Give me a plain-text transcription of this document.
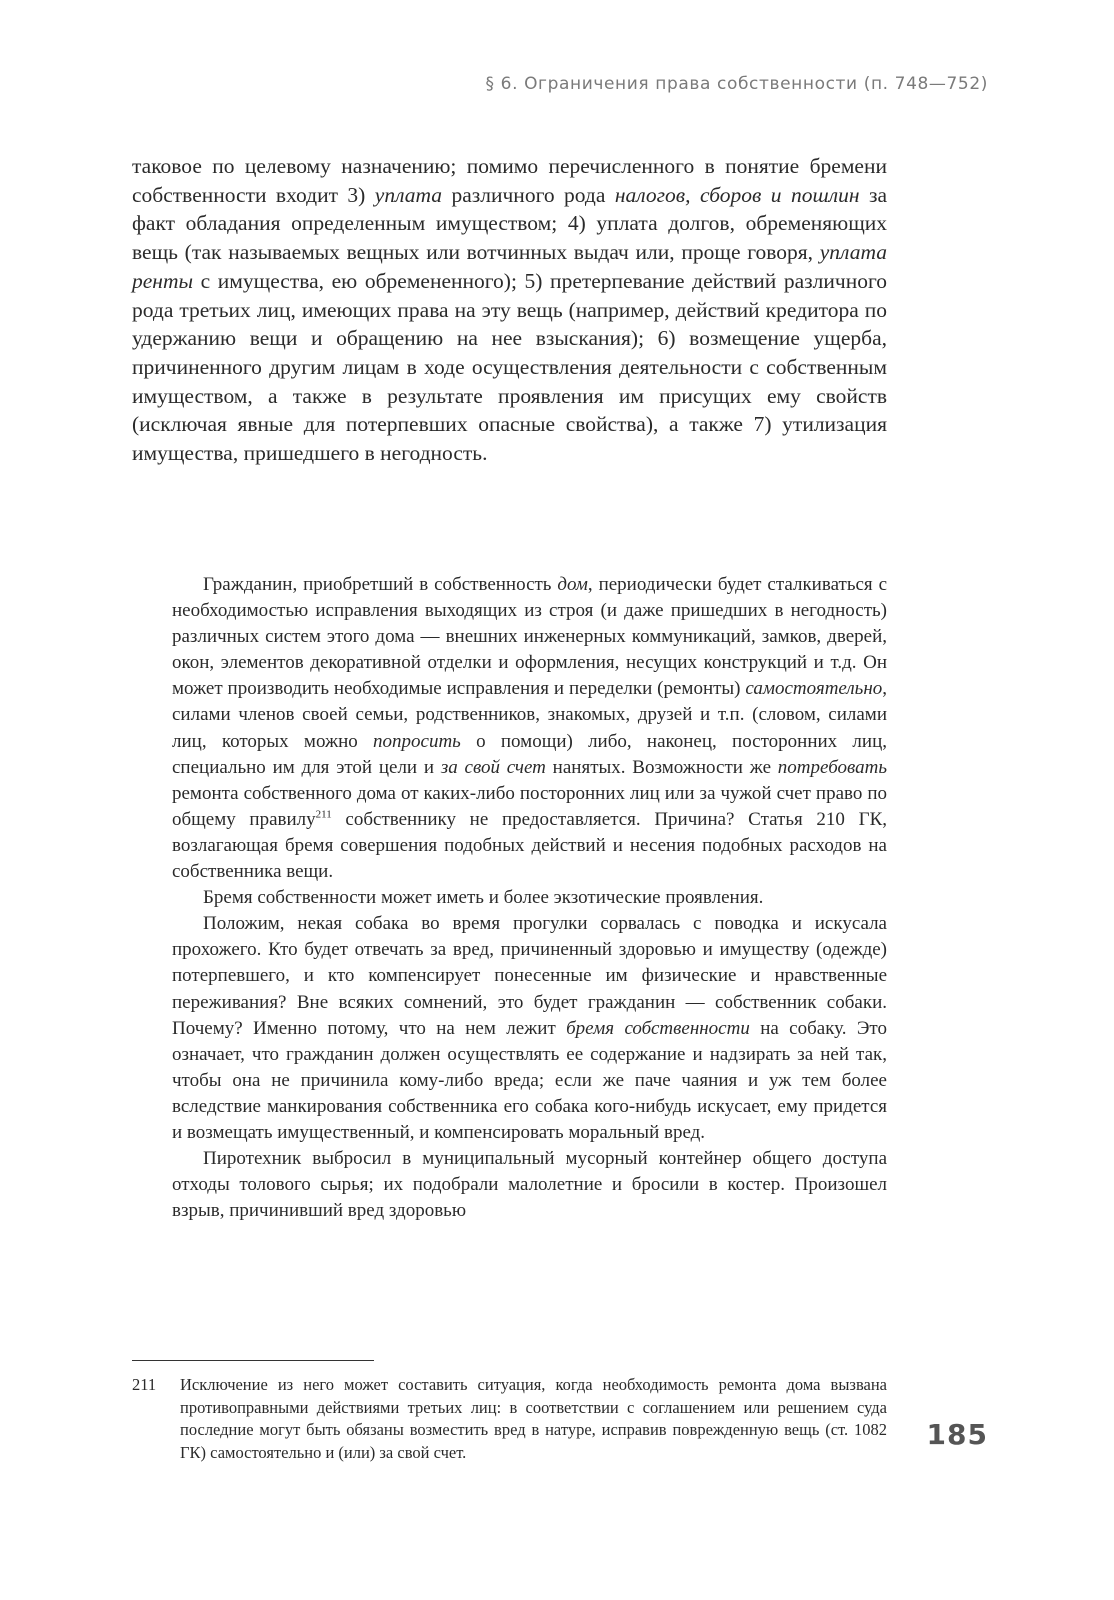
§ 6. Ограничения права собственности (п. 748—752)

таковое по целевому назначению; помимо перечисленного в понятие бремени собственности входит 3) уплата различного рода налогов, сборов и пошлин за факт обладания определенным имуществом; 4) уплата долгов, обременяющих вещь (так называемых вещных или вотчинных выдач или, проще говоря, уплата ренты с имущества, ею обремененного); 5) претерпевание действий различного рода третьих лиц, имеющих права на эту вещь (например, действий кредитора по удержанию вещи и обращению на нее взыскания); 6) возмещение ущерба, причиненного другим лицам в ходе осуществления деятельности с собственным имуществом, а также в результате проявления им присущих ему свойств (исключая явные для потерпевших опасные свойства), а также 7) утилизация имущества, пришедшего в негодность.

Гражданин, приобретший в собственность дом, периодически будет сталкиваться с необходимостью исправления выходящих из строя (и даже пришедших в негодность) различных систем этого дома — внешних инженерных коммуникаций, замков, дверей, окон, элементов декоративной отделки и оформления, несущих конструкций и т.д. Он может производить необходимые исправления и переделки (ремонты) самостоятельно, силами членов своей семьи, родственников, знакомых, друзей и т.п. (словом, силами лиц, которых можно попросить о помощи) либо, наконец, посторонних лиц, специально им для этой цели и за свой счет нанятых. Возможности же потребовать ремонта собственного дома от каких-либо посторонних лиц или за чужой счет право по общему правилу$^{211}$ собственнику не предоставляется. Причина? Статья 210 ГК, возлагающая бремя совершения подобных действий и несения подобных расходов на собственника вещи.

Бремя собственности может иметь и более экзотические проявления.

Положим, некая собака во время прогулки сорвалась с поводка и искусала прохожего. Кто будет отвечать за вред, причиненный здоровью и имуществу (одежде) потерпевшего, и кто компенсирует понесенные им физические и нравственные переживания? Вне всяких сомнений, это будет гражданин — собственник собаки. Почему? Именно потому, что на нем лежит бремя собственности на собаку. Это означает, что гражданин должен осуществлять ее содержание и надзирать за ней так, чтобы она не причинила кому-либо вреда; если же паче чаяния и уж тем более вследствие манкирования собственника его собака кого-нибудь искусает, ему придется и возмещать имущественный, и компенсировать моральный вред.

Пиротехник выбросил в муниципальный мусорный контейнер общего доступа отходы толового сырья; их подобрали малолетние и бросили в костер. Произошел взрыв, причинивший вред здоровью

211 Исключение из него может составить ситуация, когда необходимость ремонта дома вызвана противоправными действиями третьих лиц: в соответствии с соглашением или решением суда последние могут быть обязаны возместить вред в натуре, исправив поврежденную вещь (ст. 1082 ГК) самостоятельно и (или) за свой счет.
185
